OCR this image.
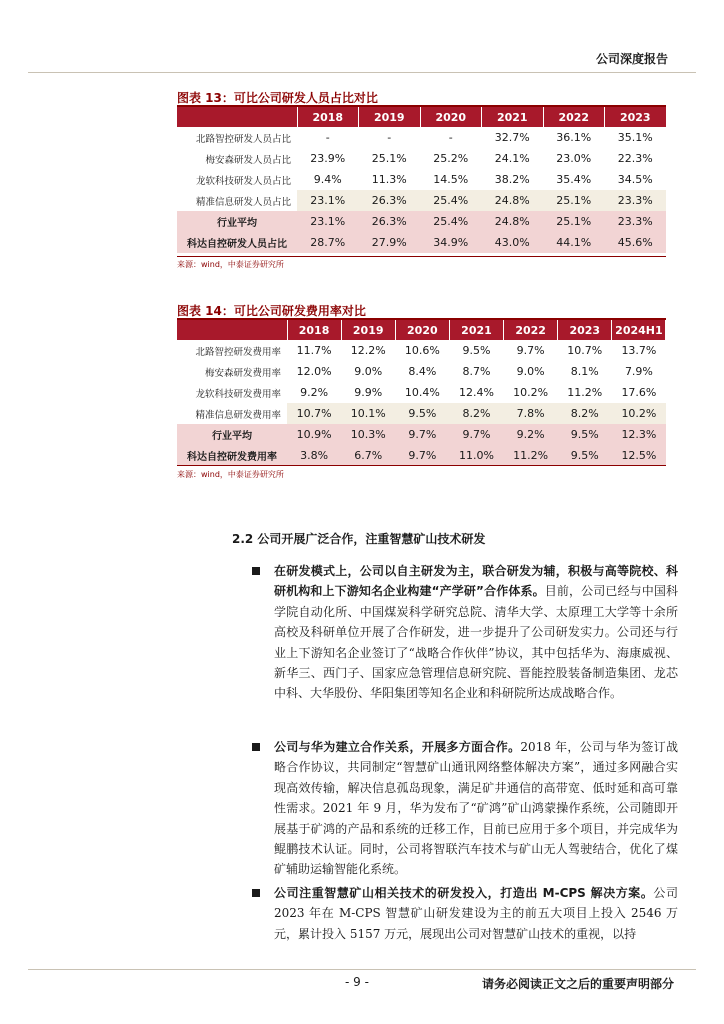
公司深度报告
图表 13：可比公司研发人员占比对比
	2018	2019	2020	2021	2022	2023
北路智控研发人员占比	-	-	-	32.7%	36.1%	35.1%
梅安森研发人员占比	23.9%	25.1%	25.2%	24.1%	23.0%	22.3%
龙软科技研发人员占比	9.4%	11.3%	14.5%	38.2%	35.4%	34.5%
精准信息研发人员占比	23.1%	26.3%	25.4%	24.8%	25.1%	23.3%
行业平均	23.1%	26.3%	25.4%	24.8%	25.1%	23.3%
科达自控研发人员占比	28.7%	27.9%	34.9%	43.0%	44.1%	45.6%
来源：wind，中泰证券研究所
图表 14：可比公司研发费用率对比
	2018	2019	2020	2021	2022	2023	2024H1
北路智控研发费用率	11.7%	12.2%	10.6%	9.5%	9.7%	10.7%	13.7%
梅安森研发费用率	12.0%	9.0%	8.4%	8.7%	9.0%	8.1%	7.9%
龙软科技研发费用率	9.2%	9.9%	10.4%	12.4%	10.2%	11.2%	17.6%
精准信息研发费用率	10.7%	10.1%	9.5%	8.2%	7.8%	8.2%	10.2%
行业平均	10.9%	10.3%	9.7%	9.7%	9.2%	9.5%	12.3%
科达自控研发费用率	3.8%	6.7%	9.7%	11.0%	11.2%	9.5%	12.5%
来源：wind，中泰证券研究所
2.2 公司开展广泛合作，注重智慧矿山技术研发
在研发模式上，公司以自主研发为主，联合研发为辅，积极与高等院校、科研机构和上下游知名企业构建“产学研”合作体系。目前，公司已经与中国科学院自动化所、中国煤炭科学研究总院、清华大学、太原理工大学等十余所高校及科研单位开展了合作研发，进一步提升了公司研发实力。公司还与行业上下游知名企业签订了“战略合作伙伴”协议，其中包括华为、海康威视、新华三、西门子、国家应急管理信息研究院、晋能控股装备制造集团、龙芯中科、大华股份、华阳集团等知名企业和科研院所达成战略合作。
公司与华为建立合作关系，开展多方面合作。2018 年，公司与华为签订战略合作协议，共同制定“智慧矿山通讯网络整体解决方案”，通过多网融合实现高效传输，解决信息孤岛现象，满足矿井通信的高带宽、低时延和高可靠性需求。2021 年 9 月，华为发布了“矿鸿”矿山鸿蒙操作系统，公司随即开展基于矿鸿的产品和系统的迁移工作，目前已应用于多个项目，并完成华为鲲鹏技术认证。同时，公司将智联汽车技术与矿山无人驾驶结合，优化了煤矿辅助运输智能化系统。
公司注重智慧矿山相关技术的研发投入，打造出 M-CPS 解决方案。公司 2023 年在 M-CPS 智慧矿山研发建设为主的前五大项目上投入 2546 万元，累计投入 5157 万元，展现出公司对智慧矿山技术的重视，以持
- 9 -	请务必阅读正文之后的重要声明部分
